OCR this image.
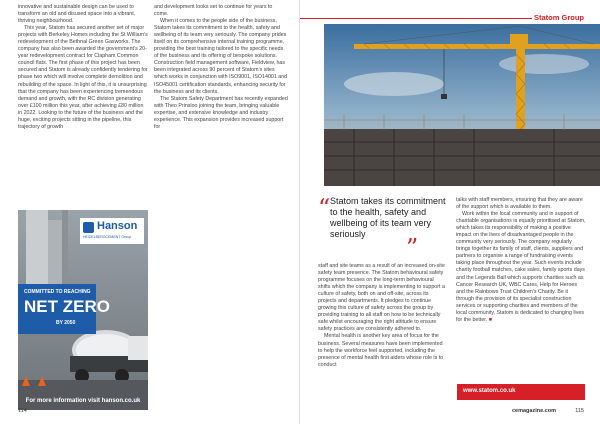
innovative and sustainable design can be used to transform an old and disused space into a vibrant, thriving neighbourhood.

This year, Statom has secured another set of major projects with Berkeley Homes including the St William’s redevelopment of the Bethnal Green Gasworks. The company has also been awarded the government’s 20-year redevelopment contract for Clapham Common council flats. The first phase of this project has been secured and Statom is already confidently tendering for phase two which will involve complete demolition and rebuilding of the space. In light of this, it is unsurprising that the company has been experiencing tremendous demand and growth, with the RC division generating over £100 million this year, after achieving £80 million in 2022. Looking to the future of the business and the huge, exciting projects sitting in the pipeline, this trajectory of growth

and development looks set to continue for years to come.

When it comes to the people side of the business, Statom takes its commitment to the health, safety and wellbeing of its team very seriously. The company prides itself on its comprehensive internal training programme, providing the best training tailored to the specific needs of the business and its offering of bespoke solutions. Construction field management software, Fieldview, has been integrated across 90 percent of Statom’s sites which works in conjunction with ISO9001, ISO14001 and ISO45001 certification standards, enhancing security for the business and its clients.

The Statom Safety Department has recently expanded with Theo Prinsloo joining the team, bringing valuable expertise, and extensive knowledge and industry experience. This expansion provides increased support for

Hanson
HEIDELBERGCEMENT Group
COMMITTED TO REACHING
NET ZERO
BY 2050
For more information visit hanson.co.uk
114
Statom Group
“ Statom takes its commitment to the health, safety and wellbeing of its team very seriously	”

staff and site teams as a result of an increased on-site safety team presence. The Statom behavioural safety programme focuses on the long-term behavioural shifts which the company is implementing to support a culture of safety, both on and off-site, across its projects and departments. It pledges to continue growing this culture of safety across the group by providing training to all staff on how to be technically safe whilst encouraging the right attitude to ensure safety practices are consistently adhered to.

Mental health is another key area of focus for the business. Several measures have been implemented to help the workforce feel supported, including the presence of mental health first aiders whose role is to conduct

talks with staff members, ensuring that they are aware of the support which is available to them.

Work within the local community and in support of charitable organisations is equally prioritised at Statom, which takes its responsibility of making a positive impact on the lives of disadvantaged people in the community very seriously. The company regularly brings together its family of staff, clients, suppliers and partners to organise a range of fundraising events taking place throughout the year. Such events include charity football matches, cake sales, family sports days and the Legends Ball which supports charities such as Cancer Research UK, WBC Cares, Help for Heroes and the Rainbows Trust Children’s Charity. Be it through the provision of its specialist construction services or supporting charities and members of the local community, Statom is dedicated to changing lives for the better. ■

www.statom.co.uk
cemagazine.com	115
